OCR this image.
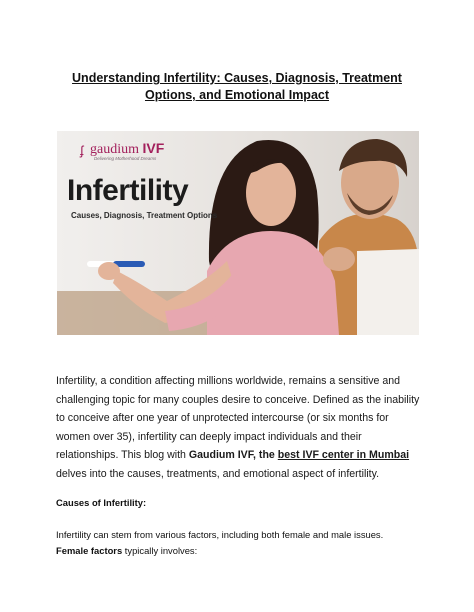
Understanding Infertility: Causes, Diagnosis, Treatment
Options, and Emotional Impact
ʄ gaudium IVF
Delivering Motherhood Dreams
Infertility
Causes, Diagnosis, Treatment Options
Infertility, a condition affecting millions worldwide, remains a sensitive and challenging topic for many couples desire to conceive. Defined as the inability to conceive after one year of unprotected intercourse (or six months for women over 35), infertility can deeply impact individuals and their relationships. This blog with Gaudium IVF, the best IVF center in Mumbai delves into the causes, treatments, and emotional aspect of infertility.
Causes of Infertility:
Infertility can stem from various factors, including both female and male issues.
Female factors typically involves:
